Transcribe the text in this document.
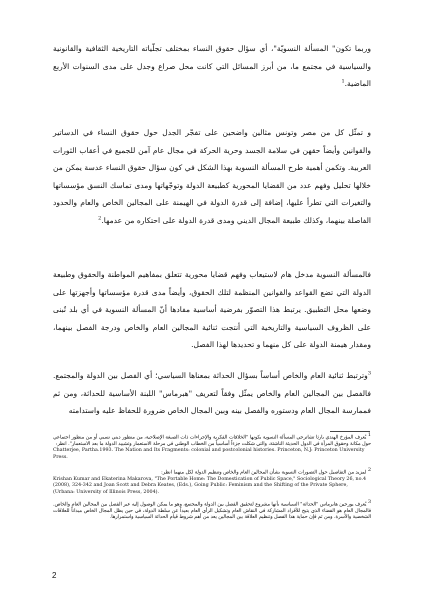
وربما تكون" المسألة النسويّة"، أي سؤال حقوق النساء بمختلف تجلّياته التاريخية الثقافية والقانونية والسياسية في مجتمع ما، من أبرز المسائل التي كانت محل صراع وجدل على مدى السنوات الأربع الماضية.$^1$

و تمثّل كل من مصر وتونس مثالين واضحين على تفجّر الجدل حول حقوق النساء في الدساتير والقوانين وأيضاً حقهن في سلامة الجسد وحرية الحركة في مجال عام آمن للجميع في أعقاب الثورات العربية. وتكمن أهمية طرح المسألة النسوية بهذا الشكل في كون سؤال حقوق النساء عدسة يمكن من خلالها تحليل وفهم عدد من القضايا المحورية كطبيعة الدولة وتوجّهاتها ومدى تماسك النسق مؤسساتها والتغيرات التي تطرأ عليها، إضافة إلى قدرة الدولة في الهيمنة على المجالين الخاص والعام والحدود الفاصلة بينهما، وكذلك طبيعة المجال الديني ومدى قدرة الدولة على احتكاره من عدمها.$^2$

فالمسألة النسوية مدخل هام لاستيعاب وفهم قضايا محورية تتعلق بمفاهيم المواطنة والحقوق وطبيعة الدولة التي تضع القواعد والقوانين المنظمة لتلك الحقوق، وأيضاً مدى قدرة مؤسساتها وأجهزتها على وضعها محل التطبيق. يرتبط هذا التصوّر بفرضية أساسية مفادها أنّ المسألة النسوية في أي بلد تُبنى على الظروف السياسية والتاريخية التي أنتجت ثنائية المجالين العام والخاص ودرجة الفصل بينهما، ومقدار هيمنة الدولة على كل منهما و تحديدها لهذا الفصل.

$^3$وترتبط ثنائية العام والخاص أساساً بسؤال الحداثة بمعناها السياسي؛ أي الفصل بين الدولة والمجتمع. فالفصل بين المجالين العام والخاص يمثّل وفقاً لتعريف "هبرماس" اللبنة الأساسية للحداثة، ومن ثم فممارسة المجال العام ودستوره والفصل بينه وبين المجال الخاص ضرورة للحفاظ عليه واستدامته

$^1$ يُعرف المؤرخ الهندي بارثا تشاترجي المسألة النسوية بكونها "الخلافات الفكرية والإجراءات ذات الصبغة الإصلاحية، من منظور ديني نسبي أو من منظور اجتماعي حول مكانة وحقوق المرأة في الدول الحديثة الناشئة، والتي شكلت جزءاً أساسياً من الخطاب الوطني في مرحلة الاستعمار وتشييد الدولة ما بعد الاستعمار". انظر:
Chatterjee, Partha.1993. The Nation and Its Fragments: colonial and postcolonial histories. Princeton, N.J: Princeton University Press.
$^2$ لمزيد من التفاصيل حول التصورات النسوية بشأن المجالين العام والخاص وتنظيم الدولة لكل منهما انظر:
Krishan Kumar and Ekaterina Makarova, "The Portable Home: The Domestication of Public Space," Sociological Theory 26, no.4 (2008), 324-342 and Joan Scott and Debra Keates, (Eds.), Going Public: Feminism and the Shifting of the Private Sphere, (Urbana: University of Illinois Press, 2004).
$^3$ يُعرف يورجين هابرماس "الحداثة" السياسية بأنها مشروع لتحقيق الفصل بين الدولة والمجتمع، وهو ما يمكن الوصول إليه عبر الفصل بين المجالين العام والخاص. فالمجال العام هو الفضاء الذي يتيح للأفراد المشاركة في النقاش العام وتشكيل الرأي العام بعيداً عن سلطة الدولة، في حين يظل المجال الخاص ميداناً للعلاقات الشخصية والأسرة. ومن ثم فإن حماية هذا الفصل وتنظيم العلاقة بين المجالين يعد من أهم شروط قيام الحداثة السياسية واستمرارها.
2
